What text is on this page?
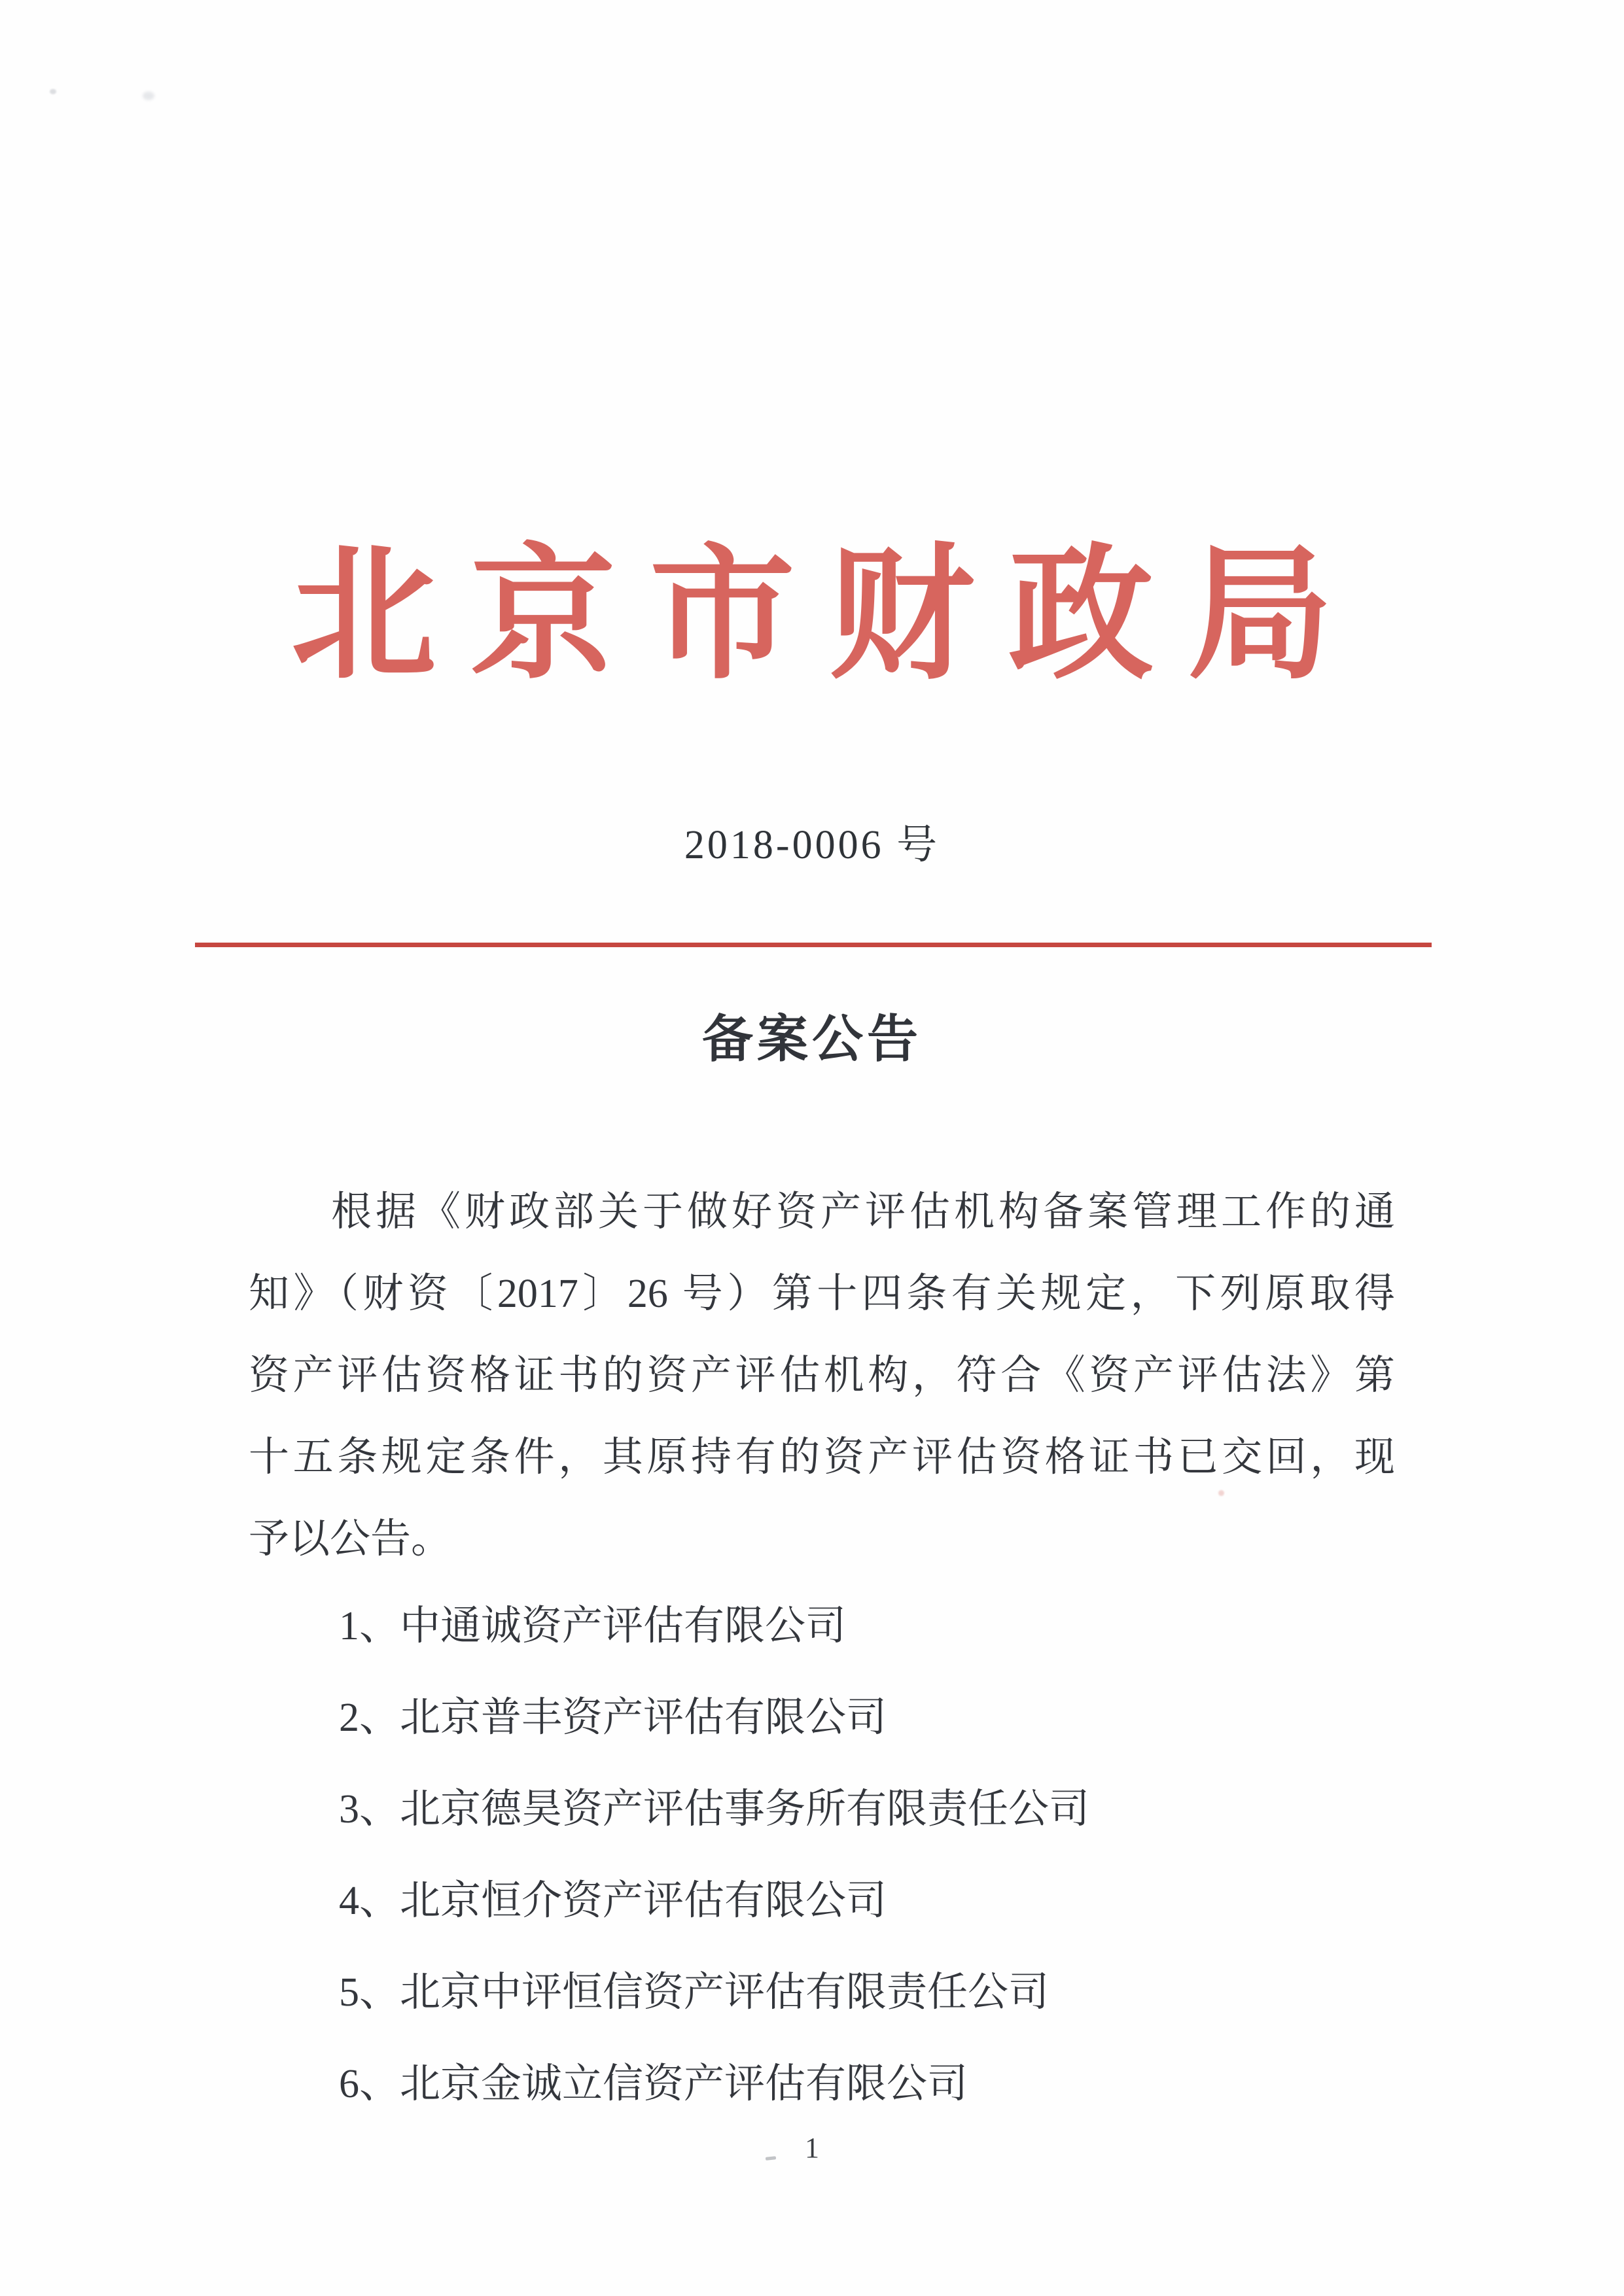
北京市财政局
2018-0006 号
备案公告

根据《财政部关于做好资产评估机构备案管理工作的通

知》（财资〔2017〕26 号）第十四条有关规定，下列原取得

资产评估资格证书的资产评估机构，符合《资产评估法》第

十五条规定条件，其原持有的资产评估资格证书已交回，现

予以公告。

1、中通诚资产评估有限公司

2、北京普丰资产评估有限公司

3、北京德昊资产评估事务所有限责任公司

4、北京恒介资产评估有限公司

5、北京中评恒信资产评估有限责任公司

6、北京金诚立信资产评估有限公司

1
